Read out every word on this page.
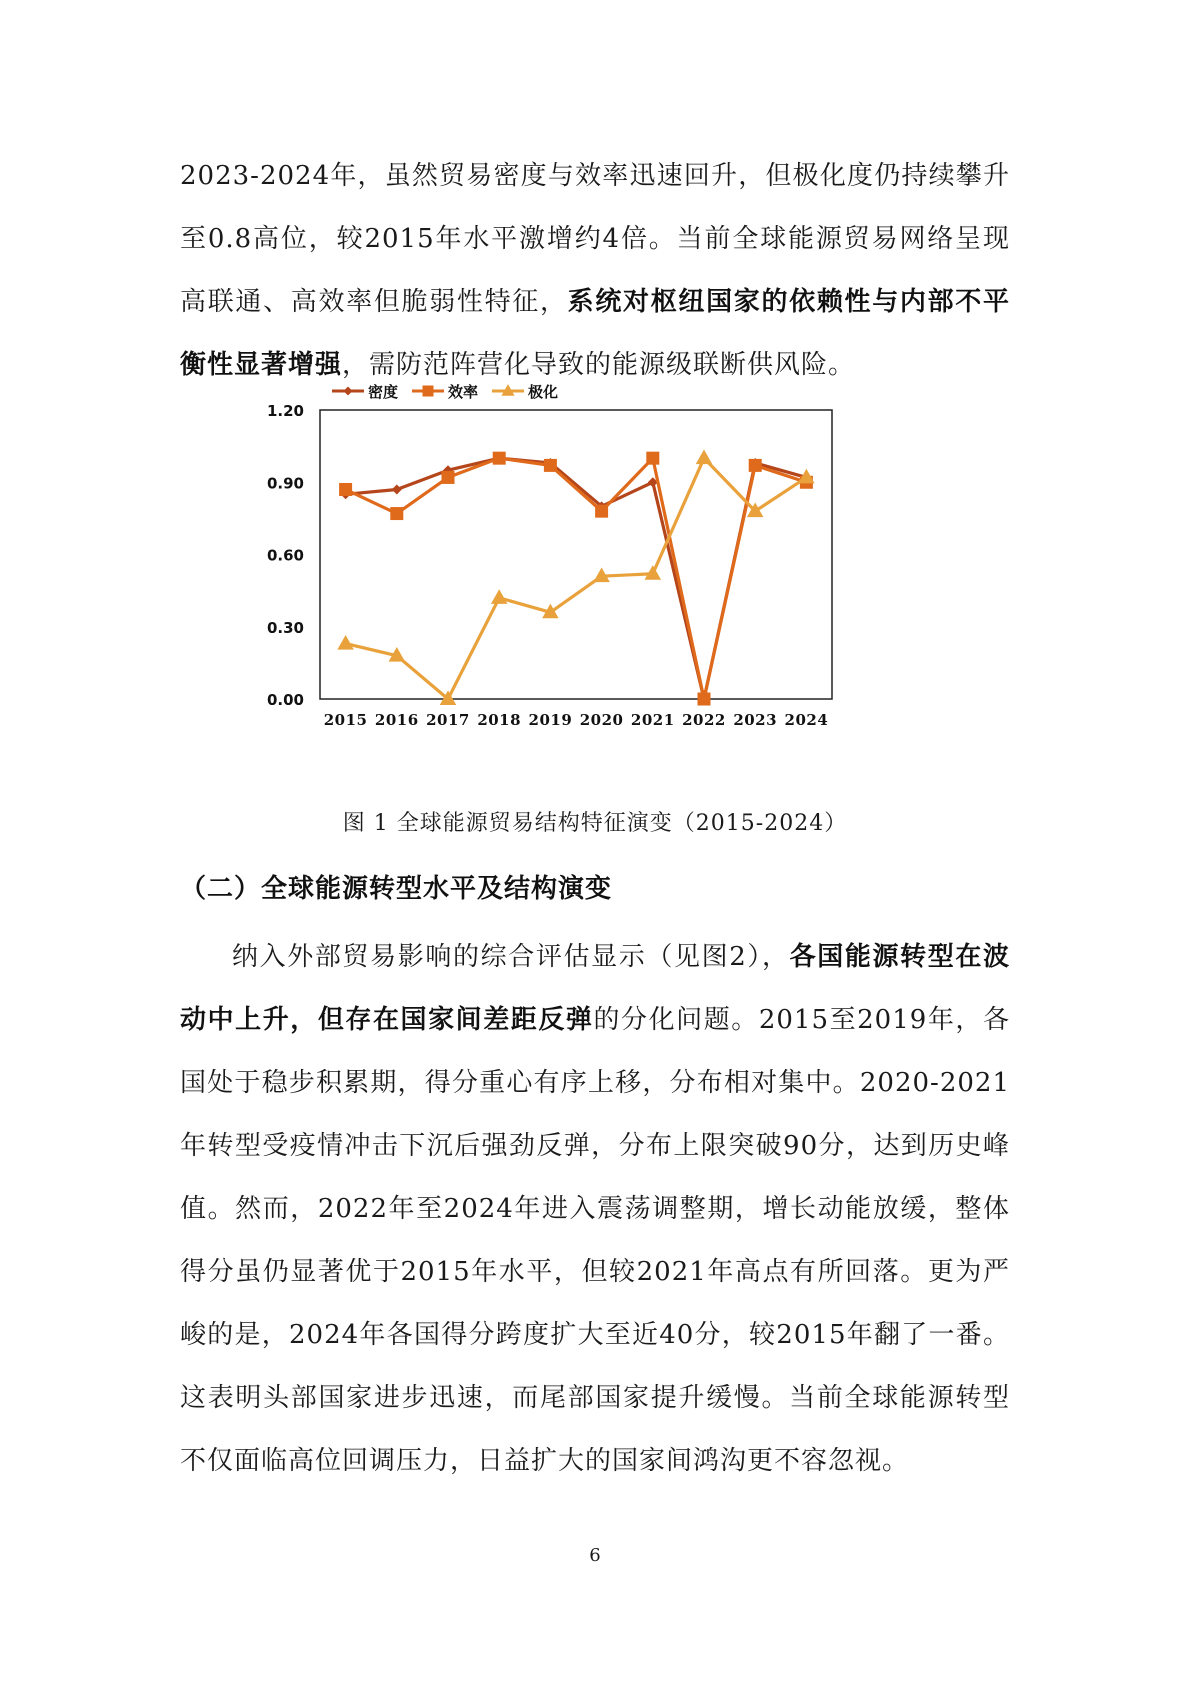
2023-2024年，虽然贸易密度与效率迅速回升，但极化度仍持续攀升至0.8高位，较2015年水平激增约4倍。当前全球能源贸易网络呈现高联通、高效率但脆弱性特征，系统对枢纽国家的依赖性与内部不平衡性显著增强，需防范阵营化导致的能源级联断供风险。

0.00
0.30
0.60
0.90
1.20
2015 2016 2017 2018 2019 2020 2021 2022 2023 2024
密度	效率	极化
图 1 全球能源贸易结构特征演变（2015-2024）
（二）全球能源转型水平及结构演变

纳入外部贸易影响的综合评估显示（见图2），各国能源转型在波动中上升，但存在国家间差距反弹的分化问题。2015至2019年，各国处于稳步积累期，得分重心有序上移，分布相对集中。2020-2021年转型受疫情冲击下沉后强劲反弹，分布上限突破90分，达到历史峰值。然而，2022年至2024年进入震荡调整期，增长动能放缓，整体得分虽仍显著优于2015年水平，但较2021年高点有所回落。更为严峻的是，2024年各国得分跨度扩大至近40分，较2015年翻了一番。这表明头部国家进步迅速，而尾部国家提升缓慢。当前全球能源转型不仅面临高位回调压力，日益扩大的国家间鸿沟更不容忽视。

6
